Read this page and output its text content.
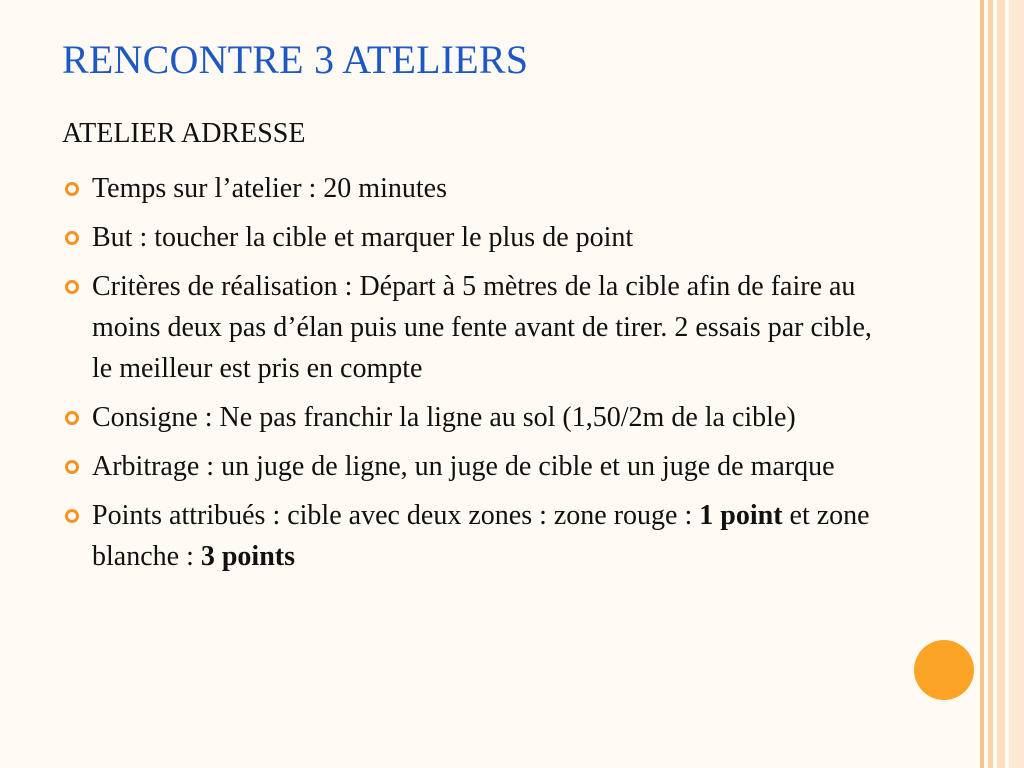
RENCONTRE 3 ATELIERS

ATELIER ADRESSE

Temps sur l’atelier : 20 minutes
But : toucher la cible et marquer le plus de point
Critères de réalisation : Départ à 5 mètres de la cible afin de faire au moins deux pas d’élan puis une fente avant de tirer. 2 essais par cible, le meilleur est pris en compte
Consigne : Ne pas franchir la ligne au sol (1,50/2m de la cible)
Arbitrage : un juge de ligne, un juge de cible et un juge de marque
Points attribués : cible avec deux zones : zone rouge : 1 point et zone blanche : 3 points
